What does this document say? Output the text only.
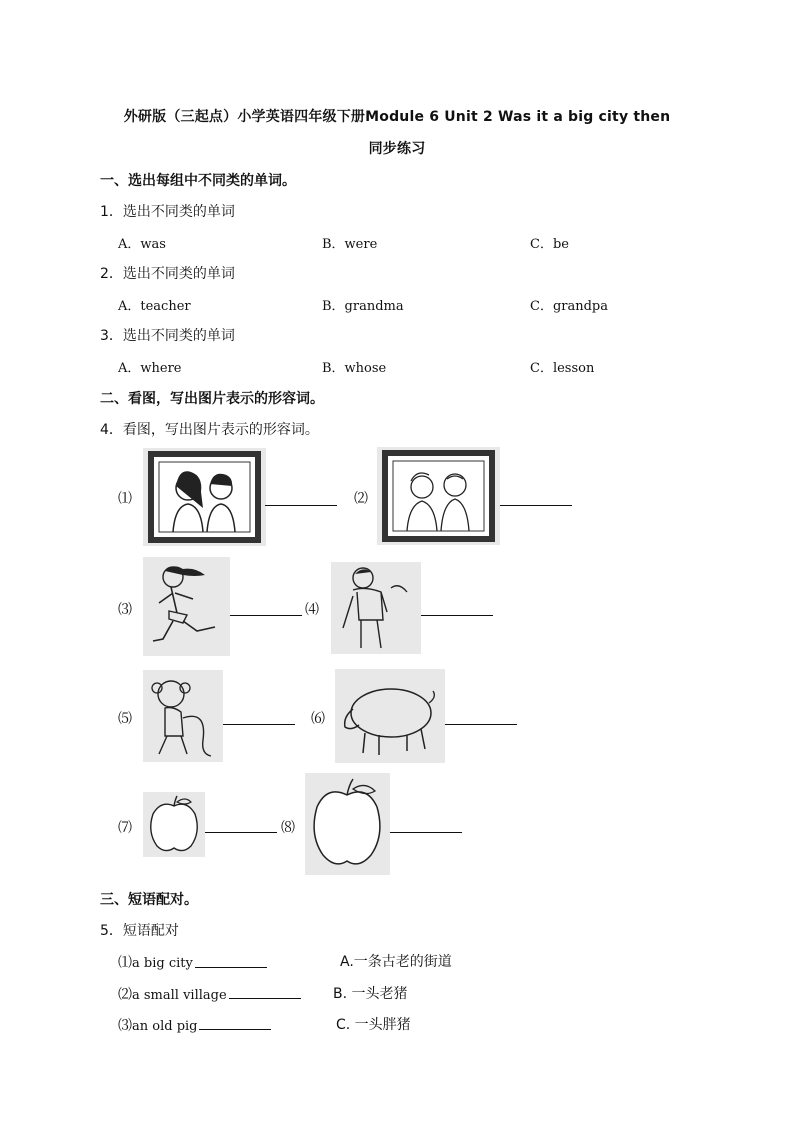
外研版（三起点）小学英语四年级下册Module 6 Unit 2 Was it a big city then
同步练习
一、选出每组中不同类的单词。
1．选出不同类的单词
A．was	B．were	C．be
2．选出不同类的单词
A．teacher	B．grandma	C．grandpa
3．选出不同类的单词
A．where	B．whose	C．lesson
二、看图，写出图片表示的形容词。
4．看图，写出图片表示的形容词。
⑴	⑵
⑶	⑷
⑸	⑹
⑺	⑻
三、短语配对。
5．短语配对
⑴a big city	A.一条古老的街道
⑵a small village	B. 一头老猪
⑶an old pig	C. 一头胖猪
